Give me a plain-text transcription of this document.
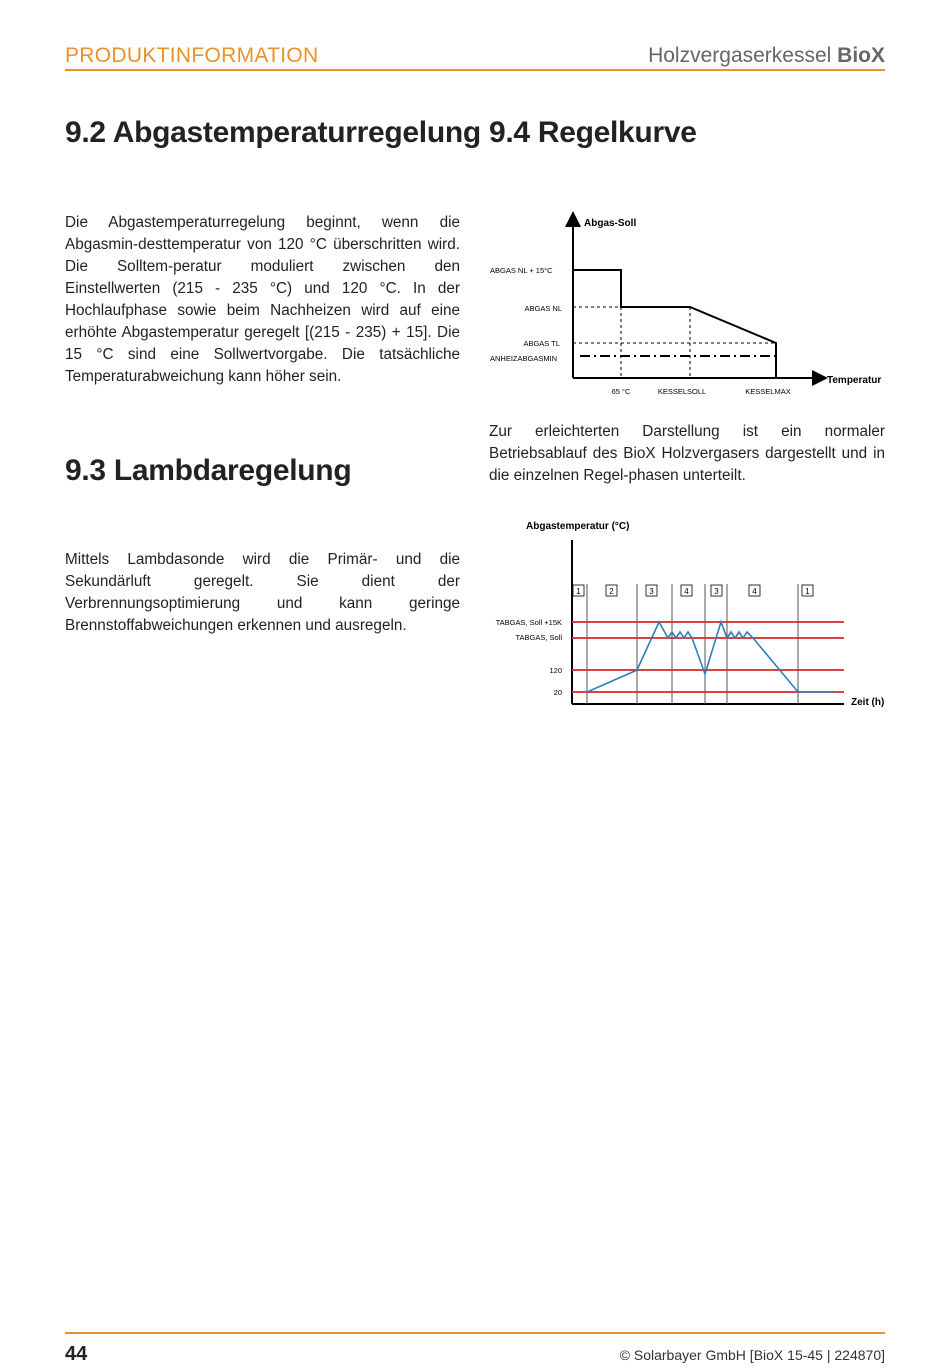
PRODUKTINFORMATION	Holzvergaserkessel BioX
9.2 Abgastemperaturregelung

Die Abgastemperaturregelung beginnt, wenn die Abgasmin-desttemperatur von 120 °C überschritten wird. Die Solltem-peratur moduliert zwischen den Einstellwerten (215 - 235 °C) und 120 °C. In der Hochlaufphase sowie beim Nachheizen wird auf eine erhöhte Abgastemperatur geregelt [(215 - 235) + 15]. Die 15 °C sind eine Sollwertvorgabe. Die tatsächliche Temperaturabweichung kann höher sein.

9.3 Lambdaregelung

Mittels Lambdasonde wird die Primär- und die Sekundärluft geregelt. Sie dient der Verbrennungsoptimierung und kann geringe Brennstoffabweichungen erkennen und ausregeln.

9.4 Regelkurve
Abgas-Soll
Temperatur
ABGAS NL + 15°C
ABGAS NL
ABGAS TL
ANHEIZABGASMIN
65 °C	KESSELSOLL	KESSELMAX

Zur erleichterten Darstellung ist ein normaler Betriebsablauf des BioX Holzvergasers dargestellt und in die einzelnen Regel-phasen unterteilt.

Abgastemperatur (°C)
Zeit (h)
TABGAS, Soll +15K
TABGAS, Soll
120
20
1	2	3	4	3	4	1
44	© Solarbayer GmbH [BioX 15-45 | 224870]
